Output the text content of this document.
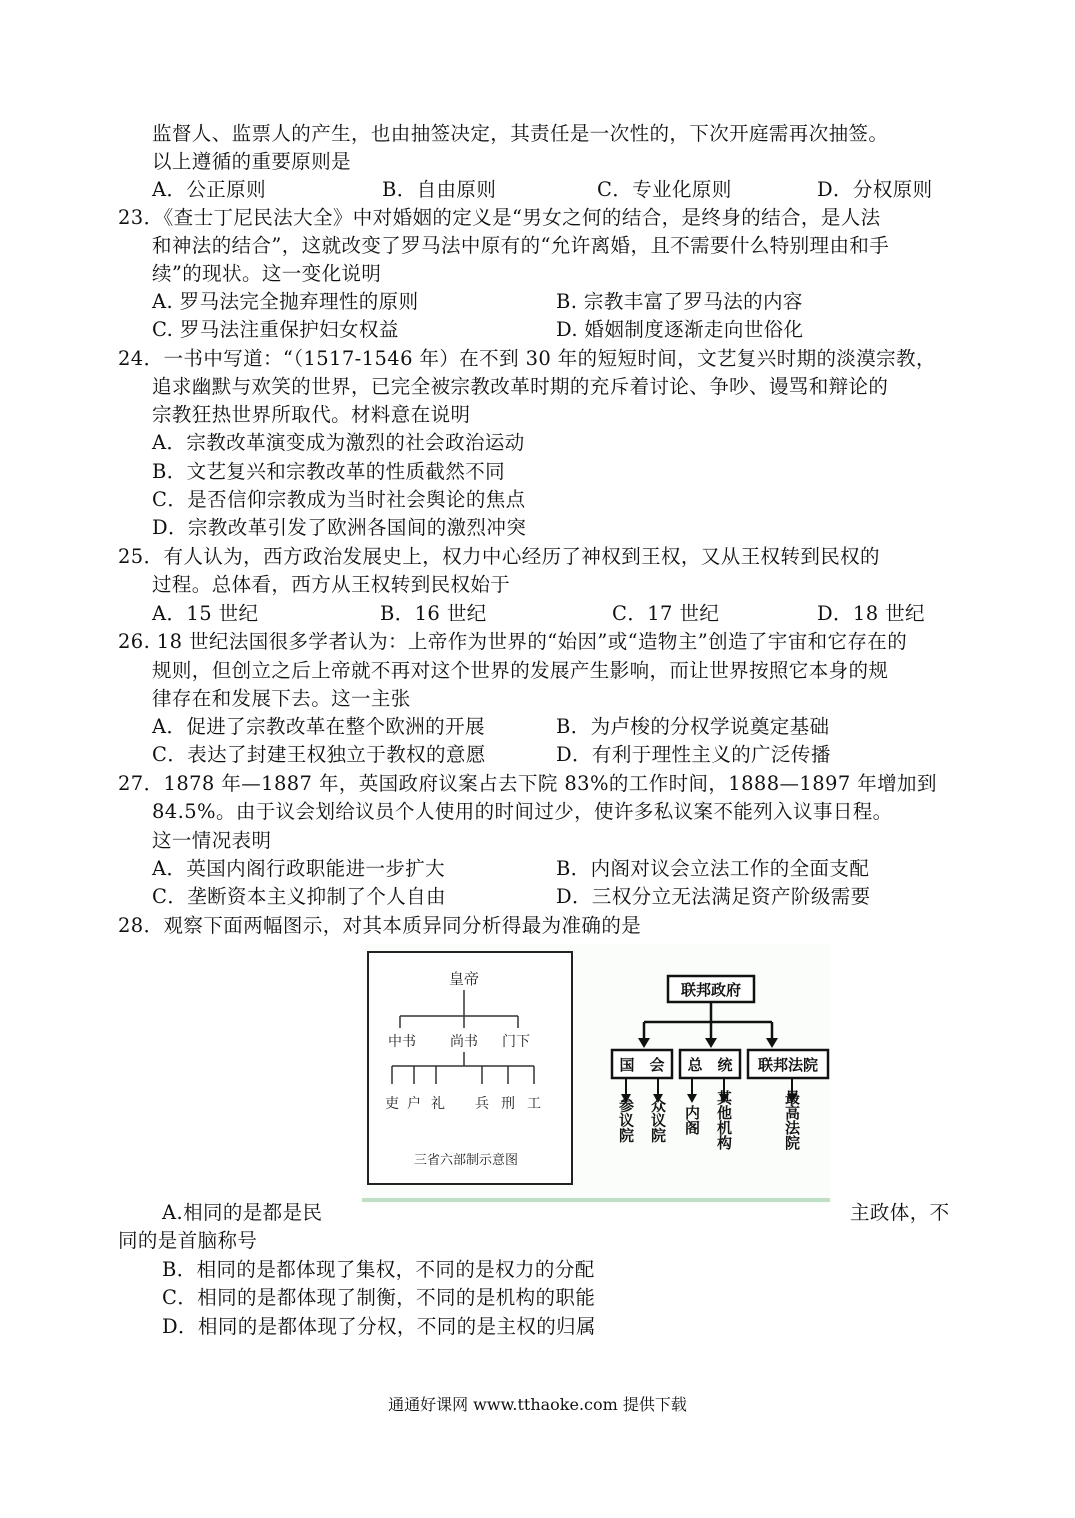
监督人、监票人的产生，也由抽签决定，其责任是一次性的，下次开庭需再次抽签。
以上遵循的重要原则是
A．公正原则	B．自由原则	C．专业化原则	D．分权原则
23．《查士丁尼民法大全》中对婚姻的定义是“男女之何的结合，是终身的结合，是人法
和神法的结合”，这就改变了罗马法中原有的“允许离婚，且不需要什么特别理由和手
续”的现状。这一变化说明
A. 罗马法完全抛弃理性的原则	B. 宗教丰富了罗马法的内容
C. 罗马法注重保护妇女权益	D. 婚姻制度逐渐走向世俗化
24．一书中写道：“（1517-1546 年）在不到 30 年的短短时间，文艺复兴时期的淡漠宗教，
追求幽默与欢笑的世界，已完全被宗教改革时期的充斥着讨论、争吵、谩骂和辩论的
宗教狂热世界所取代。材料意在说明
A．宗教改革演变成为激烈的社会政治运动
B．文艺复兴和宗教改革的性质截然不同
C．是否信仰宗教成为当时社会舆论的焦点
D．宗教改革引发了欧洲各国间的激烈冲突
25．有人认为，西方政治发展史上，权力中心经历了神权到王权，又从王权转到民权的
过程。总体看，西方从王权转到民权始于
A．15 世纪	B．16 世纪	C．17 世纪	D．18 世纪
26. 18 世纪法国很多学者认为：上帝作为世界的“始因”或“造物主”创造了宇宙和它存在的
规则，但创立之后上帝就不再对这个世界的发展产生影响，而让世界按照它本身的规
律存在和发展下去。这一主张
A．促进了宗教改革在整个欧洲的开展	B．为卢梭的分权学说奠定基础
C．表达了封建王权独立于教权的意愿	D．有利于理性主义的广泛传播
27．1878 年—1887 年，英国政府议案占去下院 83%的工作时间，1888—1897 年增加到
84.5%。由于议会划给议员个人使用的时间过少，使许多私议案不能列入议事日程。
这一情况表明
A．英国内阁行政职能进一步扩大	B．内阁对议会立法工作的全面支配
C．垄断资本主义抑制了个人自由	D．三权分立无法满足资产阶级需要
28．观察下面两幅图示，对其本质异同分析得最为准确的是
皇帝
中书 尚书 门下
吏 户 礼 兵 刑 工
三省六部制示意图
联邦政府
国　会 总　统 联邦法院
参议院 众议院 内阁 其他机构	最高法院
A.相同的是都是民	主政体，不
同的是首脑称号
B．相同的是都体现了集权，不同的是权力的分配
C．相同的是都体现了制衡，不同的是机构的职能
D．相同的是都体现了分权，不同的是主权的归属
通通好课网 www.tthaoke.com 提供下载
